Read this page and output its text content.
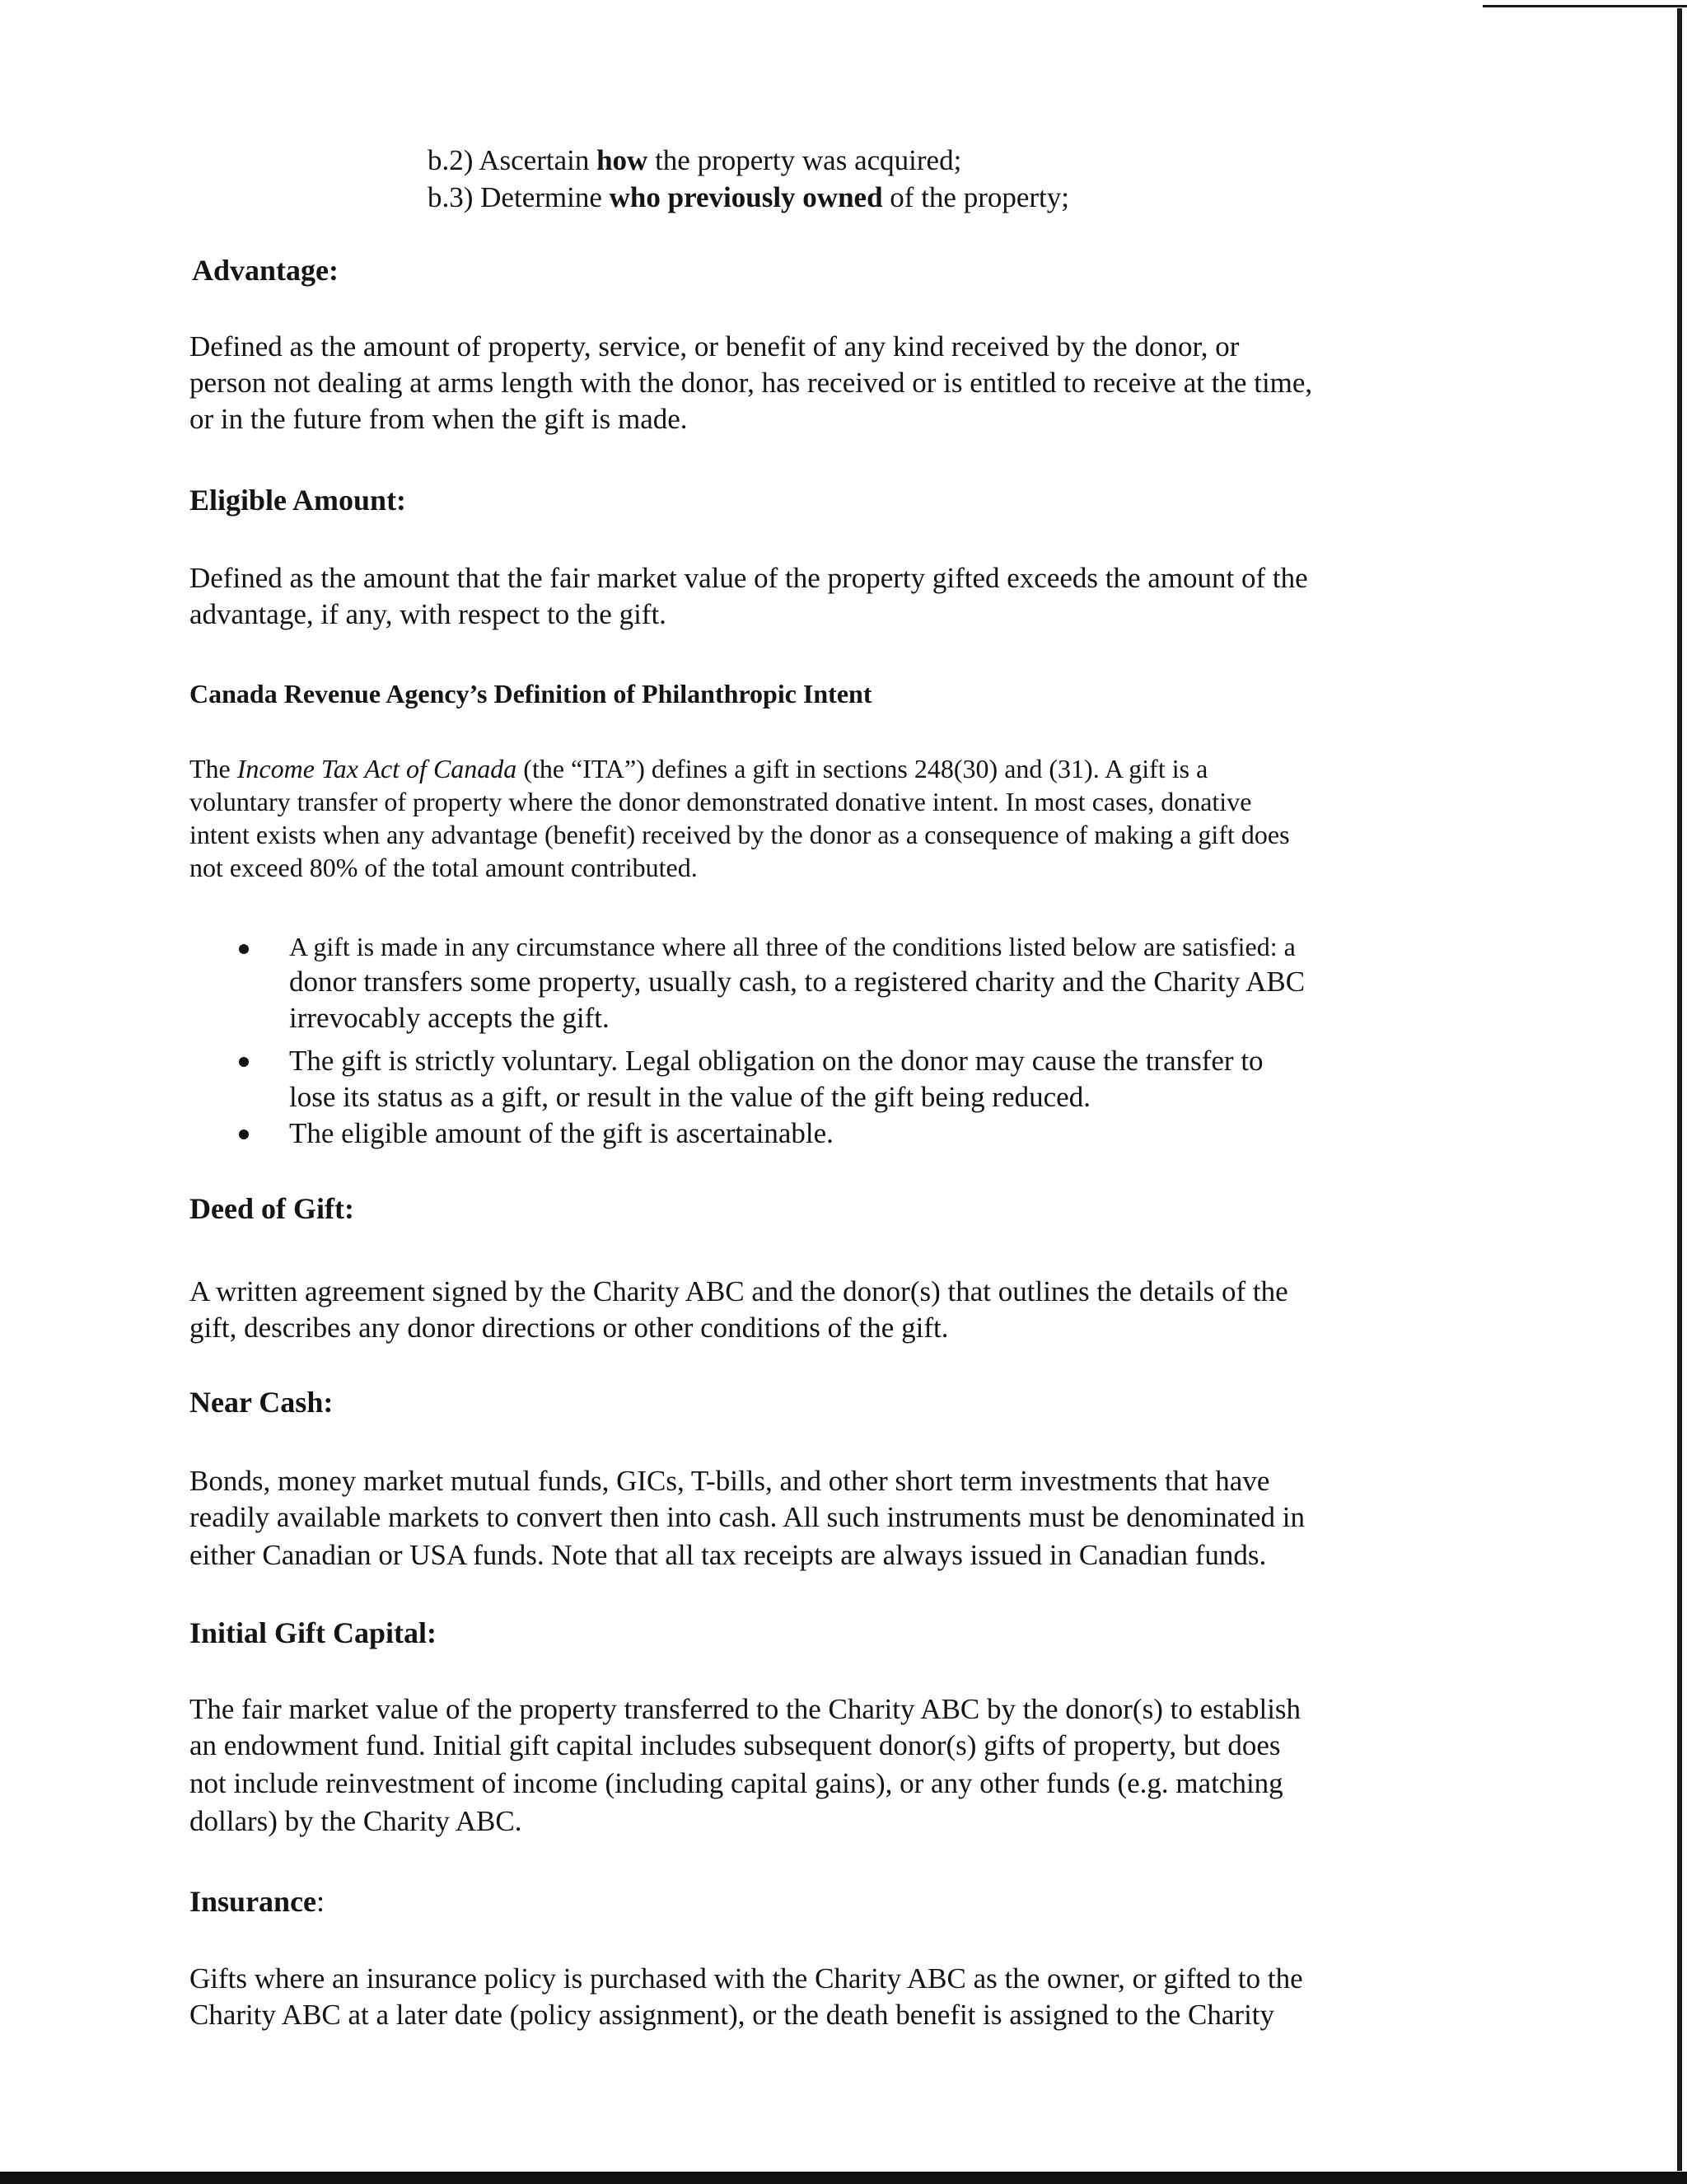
b.2) Ascertain how the property was acquired;
b.3) Determine who previously owned of the property;
Advantage:
Defined as the amount of property, service, or benefit of any kind received by the donor, or
person not dealing at arms length with the donor, has received or is entitled to receive at the time,
or in the future from when the gift is made.
Eligible Amount:
Defined as the amount that the fair market value of the property gifted exceeds the amount of the
advantage, if any, with respect to the gift.
Canada Revenue Agency’s Definition of Philanthropic Intent
The Income Tax Act of Canada (the “ITA”) defines a gift in sections 248(30) and (31). A gift is a
voluntary transfer of property where the donor demonstrated donative intent. In most cases, donative
intent exists when any advantage (benefit) received by the donor as a consequence of making a gift does
not exceed 80% of the total amount contributed.
A gift is made in any circumstance where all three of the conditions listed below are satisfied: a
donor transfers some property, usually cash, to a registered charity and the Charity ABC
irrevocably accepts the gift.
The gift is strictly voluntary. Legal obligation on the donor may cause the transfer to
lose its status as a gift, or result in the value of the gift being reduced.
The eligible amount of the gift is ascertainable.
Deed of Gift:
A written agreement signed by the Charity ABC and the donor(s) that outlines the details of the
gift, describes any donor directions or other conditions of the gift.
Near Cash:
Bonds, money market mutual funds, GICs, T-bills, and other short term investments that have
readily available markets to convert then into cash. All such instruments must be denominated in
either Canadian or USA funds. Note that all tax receipts are always issued in Canadian funds.
Initial Gift Capital:
The fair market value of the property transferred to the Charity ABC by the donor(s) to establish
an endowment fund. Initial gift capital includes subsequent donor(s) gifts of property, but does
not include reinvestment of income (including capital gains), or any other funds (e.g. matching
dollars) by the Charity ABC.
Insurance:
Gifts where an insurance policy is purchased with the Charity ABC as the owner, or gifted to the
Charity ABC at a later date (policy assignment), or the death benefit is assigned to the Charity
